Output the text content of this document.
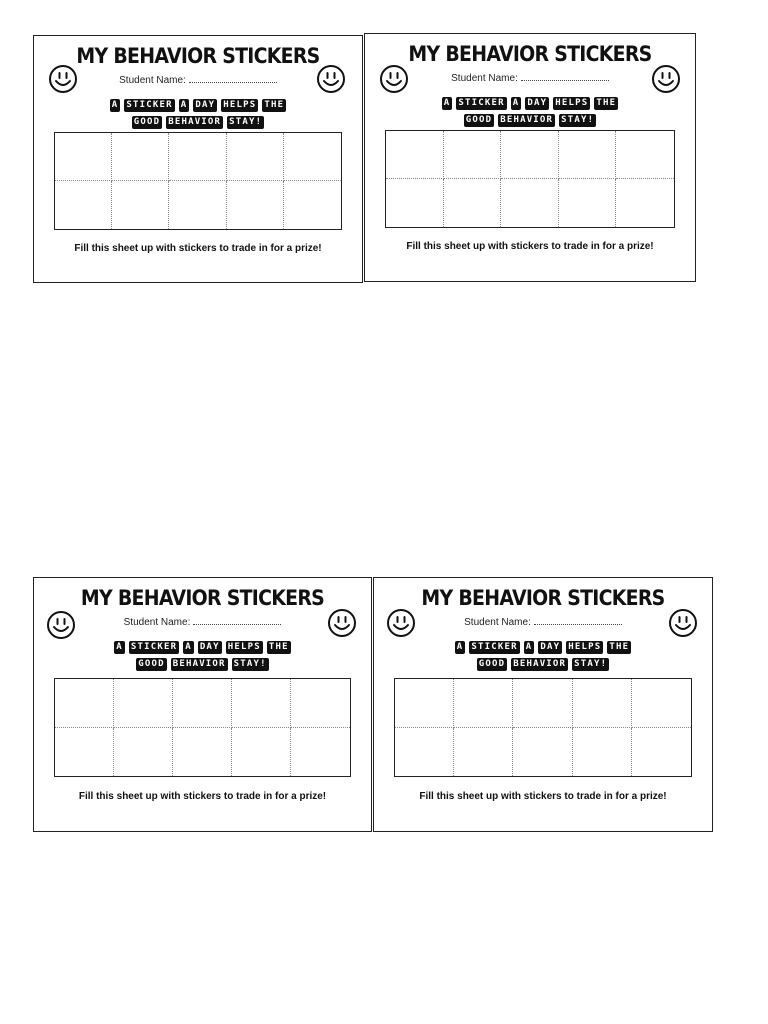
MY BEHAVIOR STICKERS
Student Name:
A STICKER A DAY HELPS THE
GOOD BEHAVIOR STAY!
Fill this sheet up with stickers to trade in for a prize!
MY BEHAVIOR STICKERS
Student Name:
A STICKER A DAY HELPS THE
GOOD BEHAVIOR STAY!
Fill this sheet up with stickers to trade in for a prize!
MY BEHAVIOR STICKERS
Student Name:
A STICKER A DAY HELPS THE
GOOD BEHAVIOR STAY!
Fill this sheet up with stickers to trade in for a prize!
MY BEHAVIOR STICKERS
Student Name:
A STICKER A DAY HELPS THE
GOOD BEHAVIOR STAY!
Fill this sheet up with stickers to trade in for a prize!
